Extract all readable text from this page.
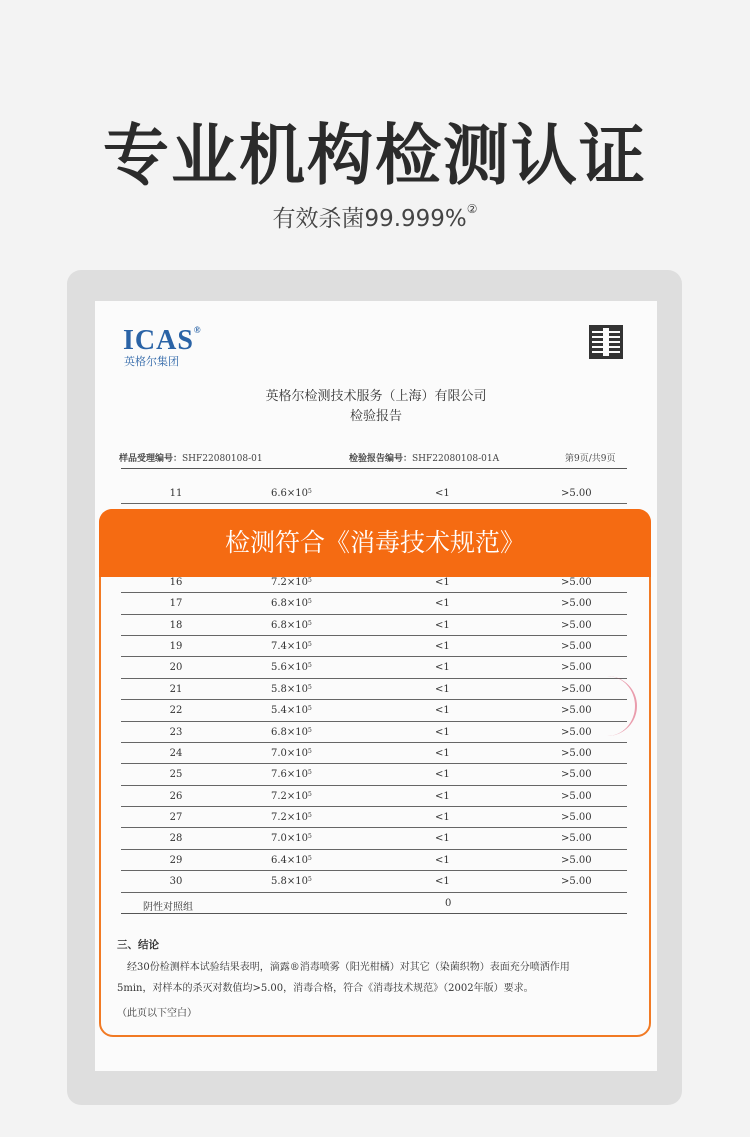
专业机构检测认证
有效杀菌99.999%②
ICAS®
英格尔集团
英格尔检测技术服务（上海）有限公司
检验报告
样品受理编号：SHF22080108-01	检验报告编号：SHF22080108-01A	第9页/共9页
11	$6.6\times 10^5$	<1	>5.00
16	$7.2\times 10^5$	<1	>5.00
17	$6.8\times 10^5$	<1	>5.00
18	$6.8\times 10^5$	<1	>5.00
19	$7.4\times 10^5$	<1	>5.00
20	$5.6\times 10^5$	<1	>5.00
21	$5.8\times 10^5$	<1	>5.00
22	$5.4\times 10^5$	<1	>5.00
23	$6.8\times 10^5$	<1	>5.00
24	$7.0\times 10^5$	<1	>5.00
25	$7.6\times 10^5$	<1	>5.00
26	$7.2\times 10^5$	<1	>5.00
27	$7.2\times 10^5$	<1	>5.00
28	$7.0\times 10^5$	<1	>5.00
29	$6.4\times 10^5$	<1	>5.00
30	$5.8\times 10^5$	<1	>5.00
阴性对照组	0
三、结论
经30份检测样本试验结果表明，滴露®消毒喷雾（阳光柑橘）对其它（染菌织物）表面充分喷洒作用
5min，对样本的杀灭对数值均>5.00，消毒合格，符合《消毒技术规范》（2002年版）要求。
（此页以下空白）
检测符合《消毒技术规范》
